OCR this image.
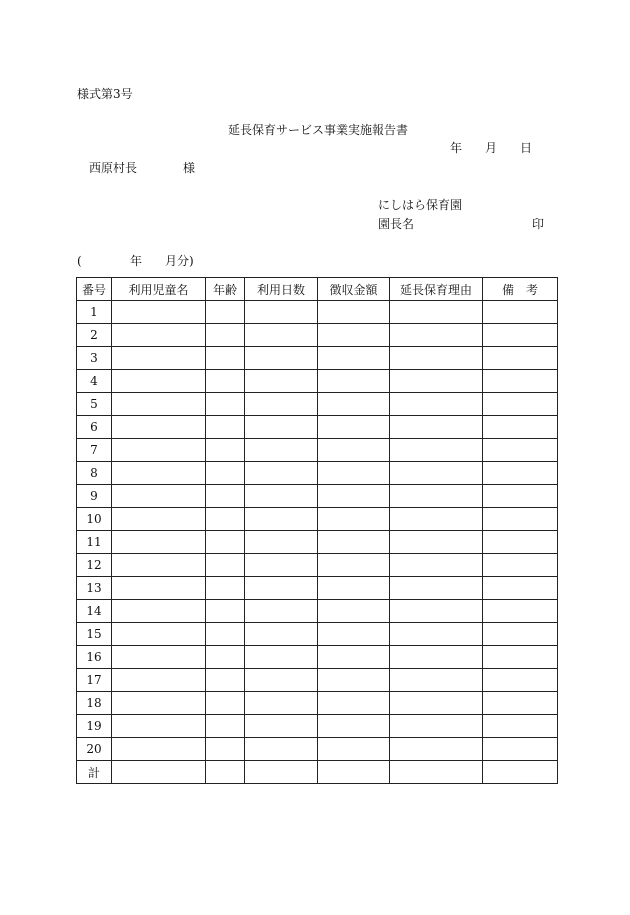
様式第3号
延長保育サービス事業実施報告書
年 月 日
西原村長	様
にしはら保育園
園長名	印
(	年 月分)
番号	利用児童名	年齢	利用日数	徴収金額	延長保育理由	備　考
1						
2						
3						
4						
5						
6						
7						
8						
9						
10						
11						
12						
13						
14						
15						
16						
17						
18						
19						
20						
計						
